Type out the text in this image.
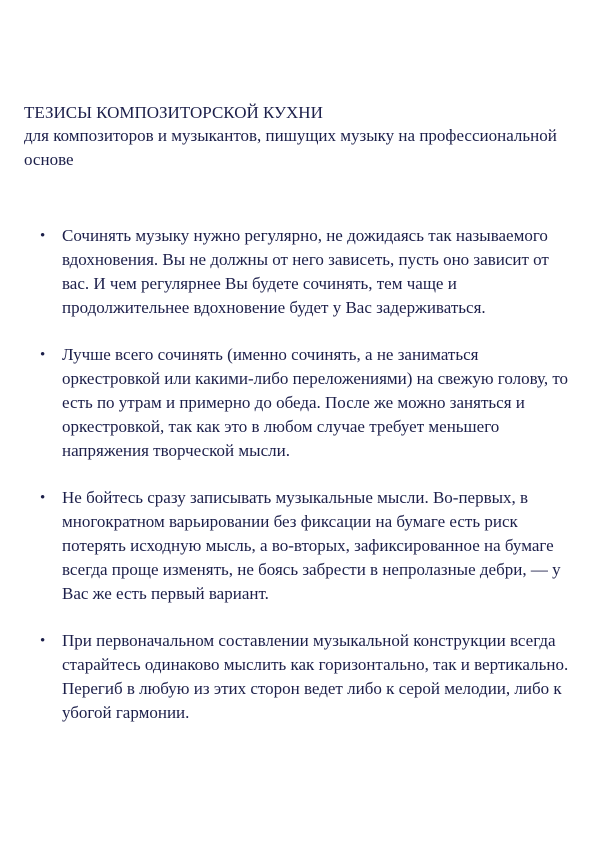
ТЕЗИСЫ КОМПОЗИТОРСКОЙ КУХНИ

для композиторов и музыкантов, пишущих музыку на профессиональной основе

• Сочинять музыку нужно регулярно, не дожидаясь так называемого вдохновения. Вы не должны от него зависеть, пусть оно зависит от вас. И чем регулярнее Вы будете сочинять, тем чаще и продолжительнее вдохновение будет у Вас задерживаться.
• Лучше всего сочинять (именно сочинять, а не заниматься оркестровкой или какими-либо переложениями) на свежую голову, то есть по утрам и примерно до обеда. После же можно заняться и оркестровкой, так как это в любом случае требует меньшего напряжения творческой мысли.
• Не бойтесь сразу записывать музыкальные мысли. Во-первых, в многократном варьировании без фиксации на бумаге есть риск потерять исходную мысль, а во-вторых, зафиксированное на бумаге всегда проще изменять, не боясь забрести в непролазные дебри, — у Вас же есть первый вариант.
• При первоначальном составлении музыкальной конструкции всегда старайтесь одинаково мыслить как горизонтально, так и вертикально. Перегиб в любую из этих сторон ведет либо к серой мелодии, либо к убогой гармонии.
